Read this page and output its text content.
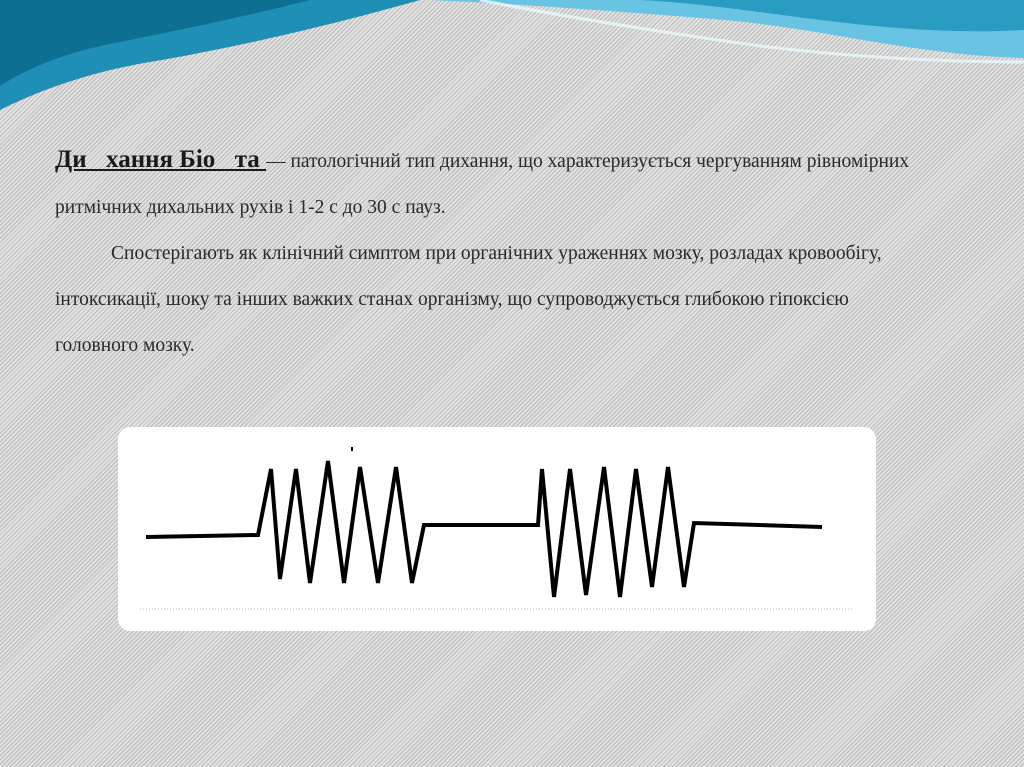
Ди хання Біо та — патологічний тип дихання, що характеризується чергуванням рівномірних ритмічних дихальних рухів і 1-2 с до 30 с пауз.

Спостерігають як клінічний симптом при органічних ураженнях мозку, розладах кровообігу, інтоксикації, шоку та інших важких станах організму, що супроводжується глибокою гіпоксією головного мозку.
